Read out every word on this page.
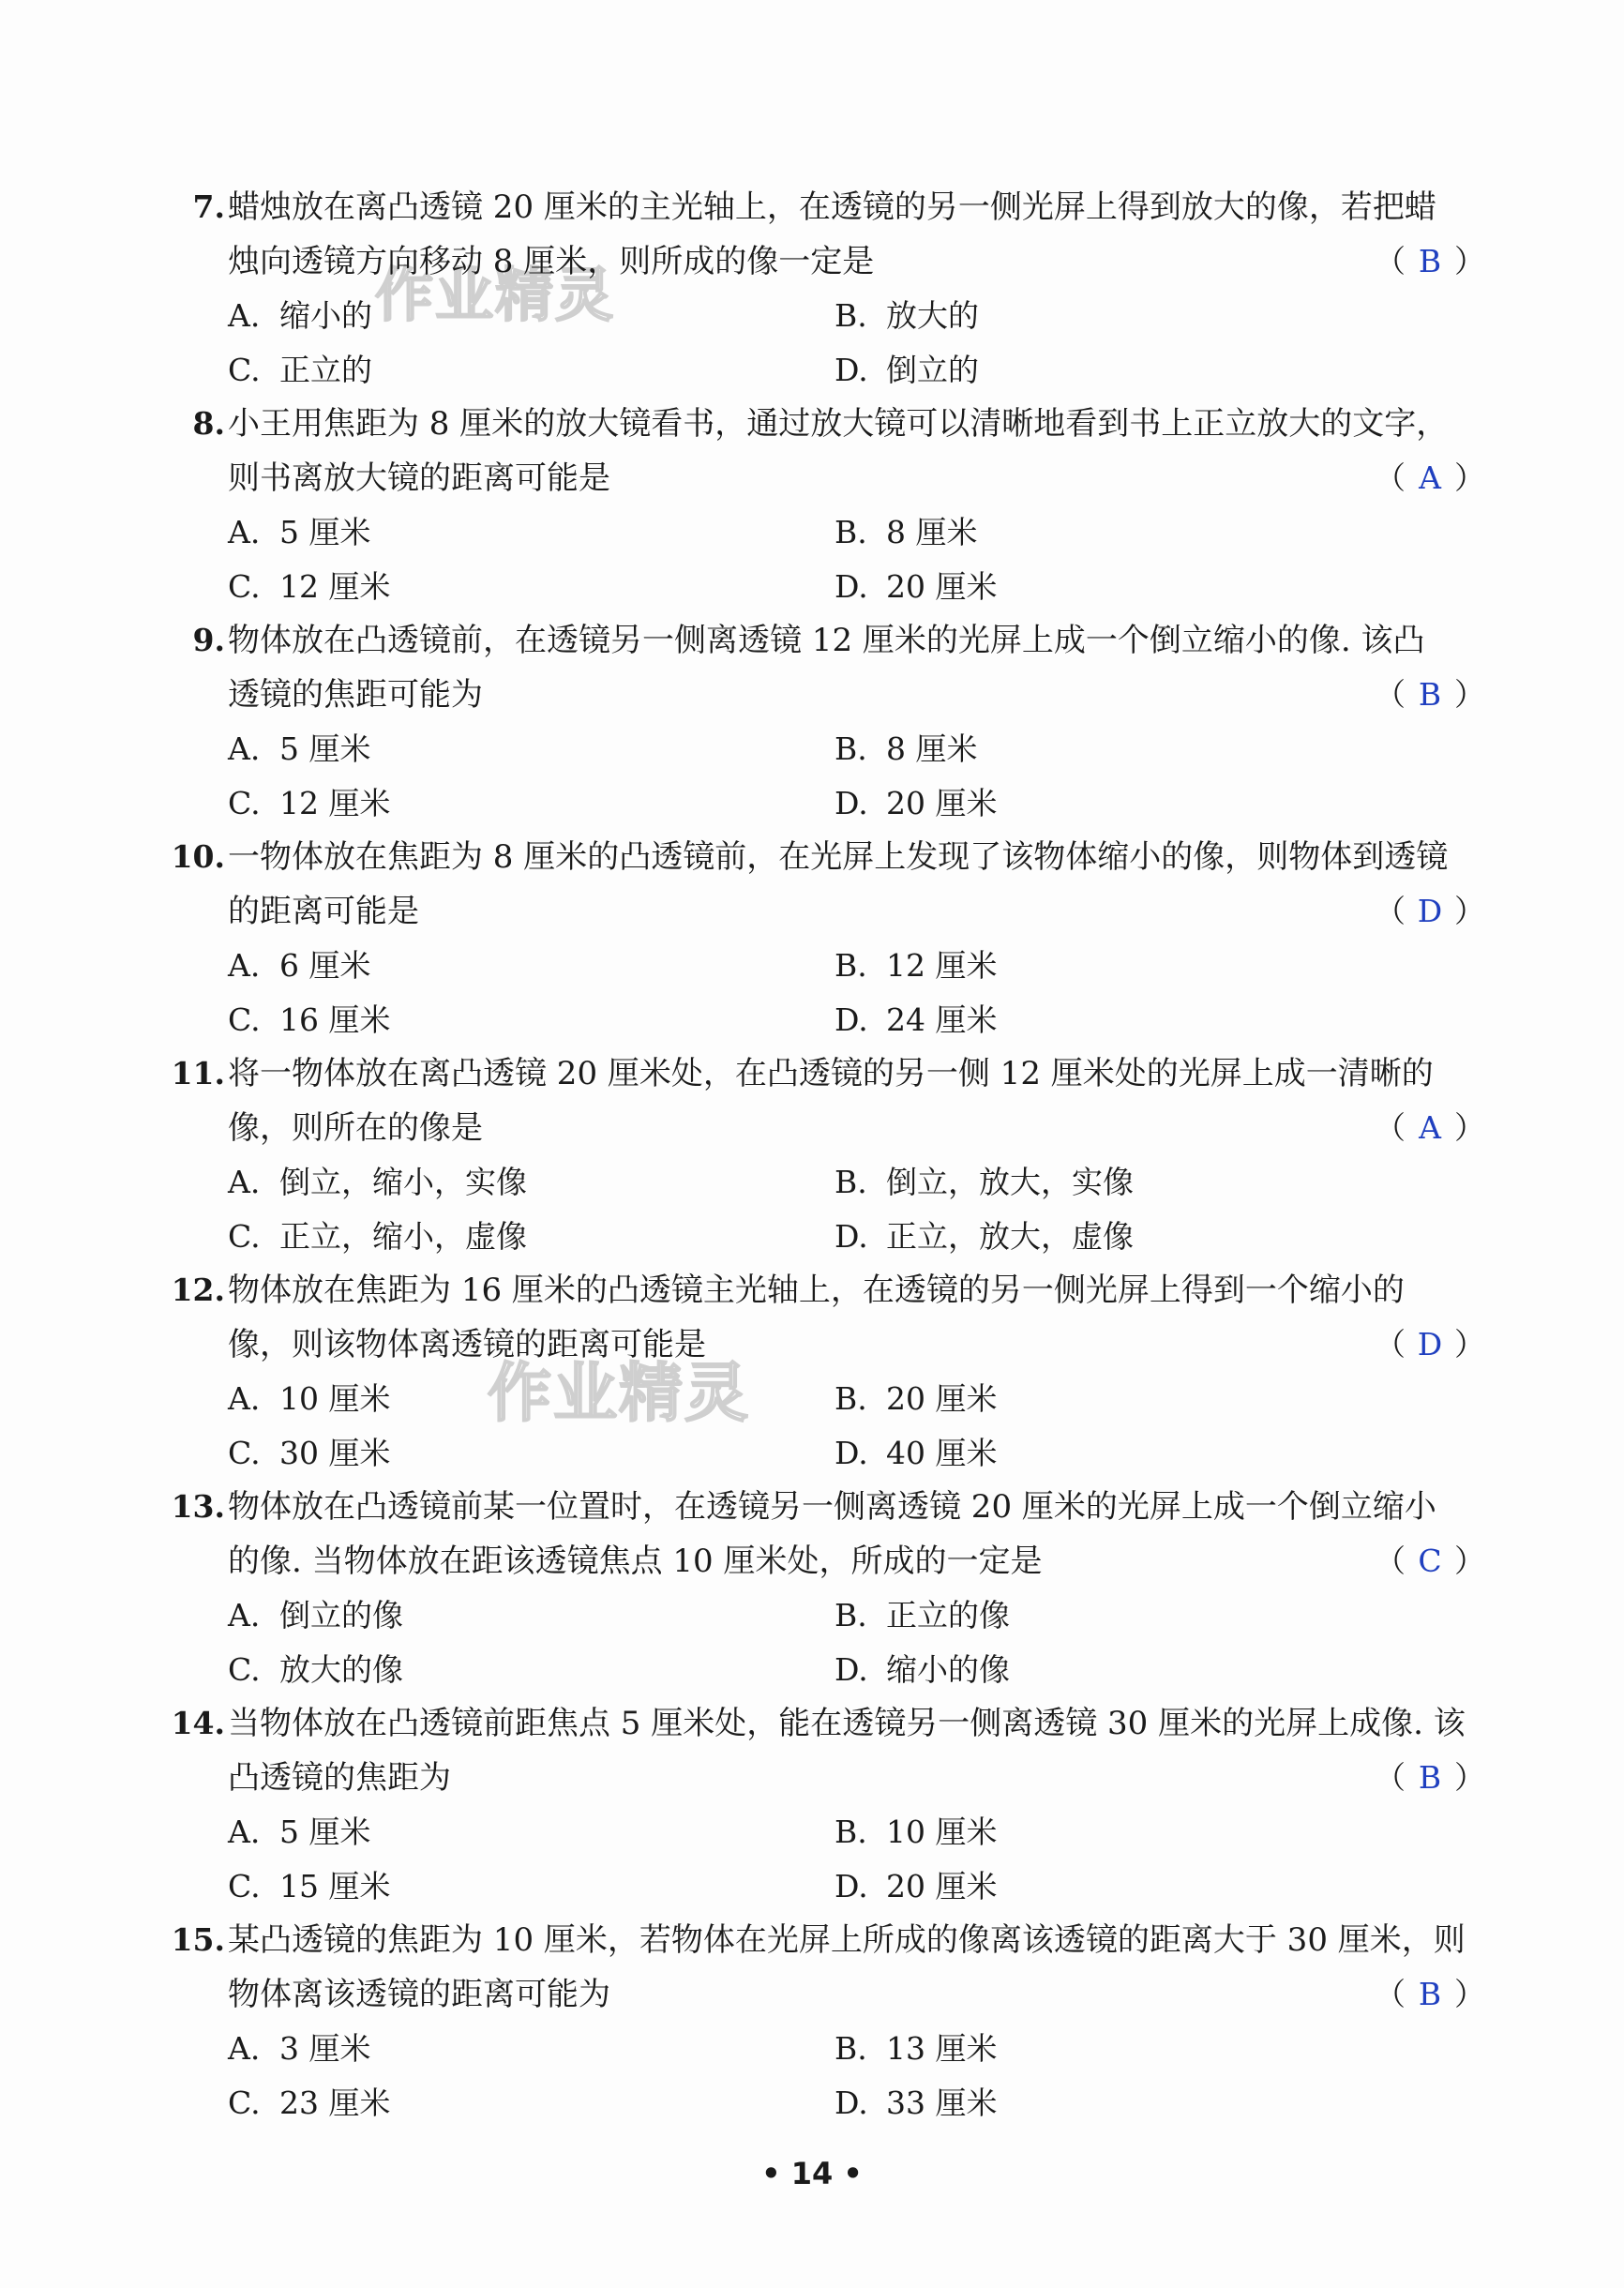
作业精灵
作业精灵
7. 蜡烛放在离凸透镜 20 厘米的主光轴上，在透镜的另一侧光屏上得到放大的像，若把蜡
烛向透镜方向移动 8 厘米，则所成的像一定是	（ B ）
A. 缩小的	B. 放大的
C. 正立的	D. 倒立的
8. 小王用焦距为 8 厘米的放大镜看书，通过放大镜可以清晰地看到书上正立放大的文字，
则书离放大镜的距离可能是	（ A ）
A. 5 厘米	B. 8 厘米
C. 12 厘米	D. 20 厘米
9. 物体放在凸透镜前，在透镜另一侧离透镜 12 厘米的光屏上成一个倒立缩小的像. 该凸
透镜的焦距可能为	（ B ）
A. 5 厘米	B. 8 厘米
C. 12 厘米	D. 20 厘米
10. 一物体放在焦距为 8 厘米的凸透镜前，在光屏上发现了该物体缩小的像，则物体到透镜
的距离可能是	（ D ）
A. 6 厘米	B. 12 厘米
C. 16 厘米	D. 24 厘米
11. 将一物体放在离凸透镜 20 厘米处，在凸透镜的另一侧 12 厘米处的光屏上成一清晰的
像，则所在的像是	（ A ）
A. 倒立，缩小，实像	B. 倒立，放大，实像
C. 正立，缩小，虚像	D. 正立，放大，虚像
12. 物体放在焦距为 16 厘米的凸透镜主光轴上，在透镜的另一侧光屏上得到一个缩小的
像，则该物体离透镜的距离可能是	（ D ）
A. 10 厘米	B. 20 厘米
C. 30 厘米	D. 40 厘米
13. 物体放在凸透镜前某一位置时，在透镜另一侧离透镜 20 厘米的光屏上成一个倒立缩小
的像. 当物体放在距该透镜焦点 10 厘米处，所成的一定是	（ C ）
A. 倒立的像	B. 正立的像
C. 放大的像	D. 缩小的像
14. 当物体放在凸透镜前距焦点 5 厘米处，能在透镜另一侧离透镜 30 厘米的光屏上成像. 该
凸透镜的焦距为	（ B ）
A. 5 厘米	B. 10 厘米
C. 15 厘米	D. 20 厘米
15. 某凸透镜的焦距为 10 厘米，若物体在光屏上所成的像离该透镜的距离大于 30 厘米，则
物体离该透镜的距离可能为	（ B ）
A. 3 厘米	B. 13 厘米
C. 23 厘米	D. 33 厘米
• 14 •
